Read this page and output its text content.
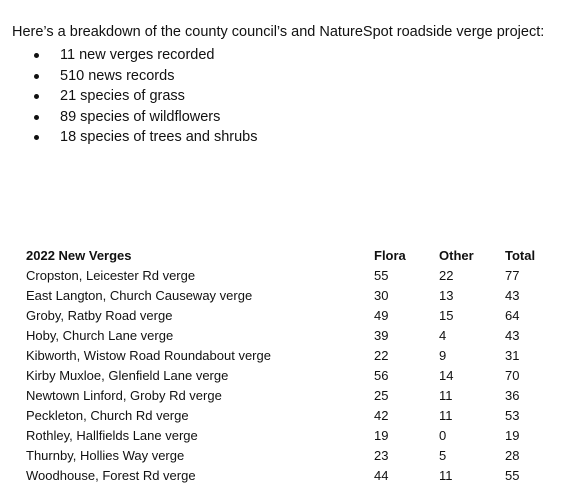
Here’s a breakdown of the county council’s and NatureSpot roadside verge project:

11 new verges recorded
510 news records
21 species of grass
89 species of wildflowers
18 species of trees and shrubs
2022 New Verges	Flora	Other	Total
Cropston, Leicester Rd verge	55	22	77
East Langton, Church Causeway verge	30	13	43
Groby, Ratby Road verge	49	15	64
Hoby, Church Lane verge	39	4	43
Kibworth, Wistow Road Roundabout verge	22	9	31
Kirby Muxloe, Glenfield Lane verge	56	14	70
Newtown Linford, Groby Rd verge	25	11	36
Peckleton, Church Rd verge	42	11	53
Rothley, Hallfields Lane verge	19	0	19
Thurnby, Hollies Way verge	23	5	28
Woodhouse, Forest Rd verge	44	11	55
